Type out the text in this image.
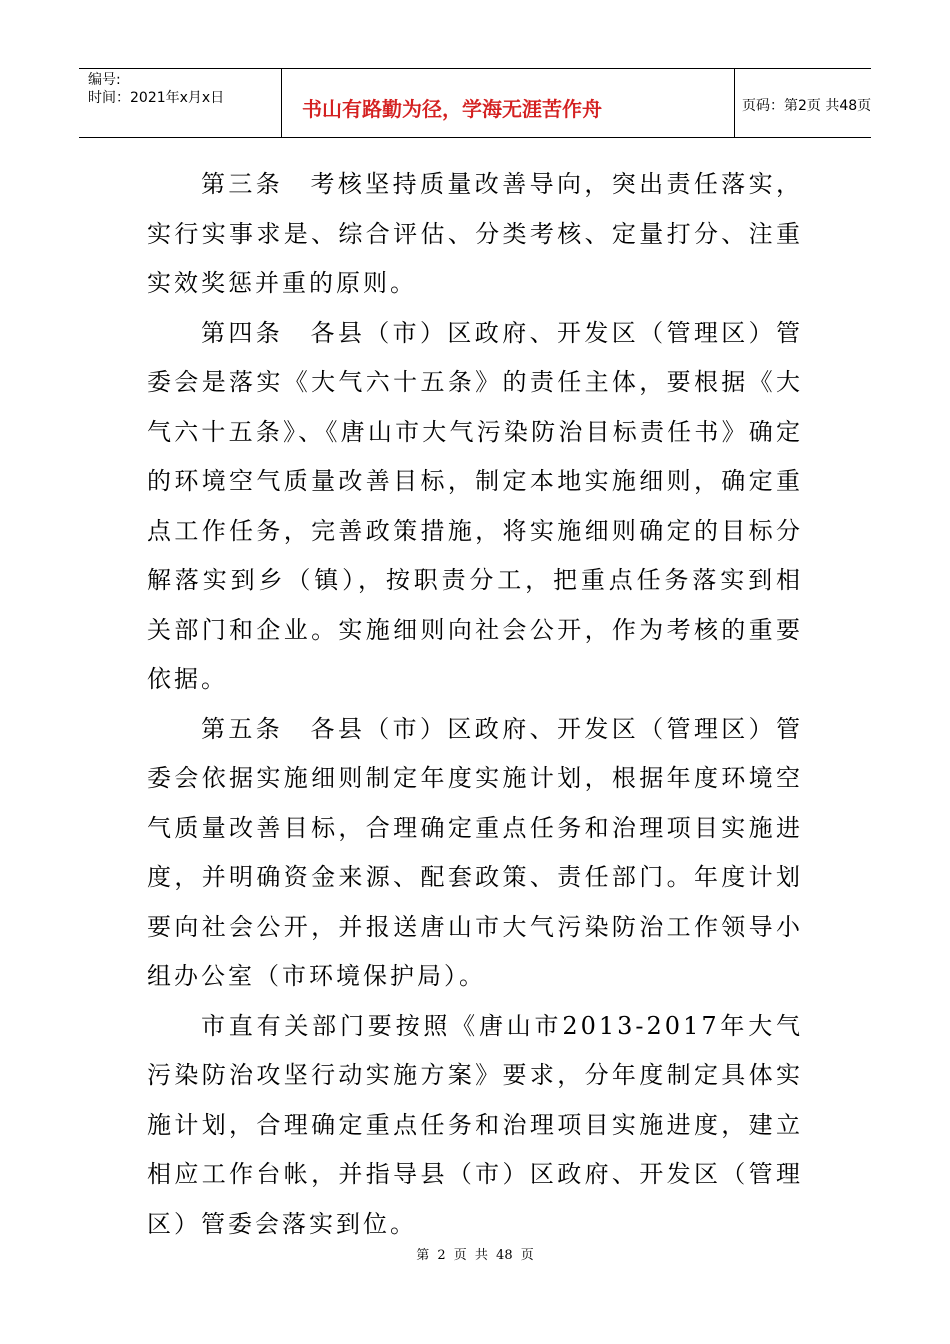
编号:
时间：2021年x月x日	书山有路勤为径，学海无涯苦作舟	页码：第2页 共48页

第三条　考核坚持质量改善导向，突出责任落实，实行实事求是、综合评估、分类考核、定量打分、注重实效奖惩并重的原则。

第四条　各县（市）区政府、开发区（管理区）管委会是落实《大气六十五条》的责任主体，要根据《大气六十五条》、《唐山市大气污染防治目标责任书》确定的环境空气质量改善目标，制定本地实施细则，确定重点工作任务，完善政策措施，将实施细则确定的目标分解落实到乡（镇），按职责分工，把重点任务落实到相关部门和企业。实施细则向社会公开，作为考核的重要依据。

第五条　各县（市）区政府、开发区（管理区）管委会依据实施细则制定年度实施计划，根据年度环境空气质量改善目标，合理确定重点任务和治理项目实施进度，并明确资金来源、配套政策、责任部门。年度计划要向社会公开，并报送唐山市大气污染防治工作领导小组办公室（市环境保护局）。

市直有关部门要按照《唐山市2013-2017年大气污染防治攻坚行动实施方案》要求，分年度制定具体实施计划，合理确定重点任务和治理项目实施进度，建立相应工作台帐，并指导县（市）区政府、开发区（管理区）管委会落实到位。

第 2 页 共 48 页
